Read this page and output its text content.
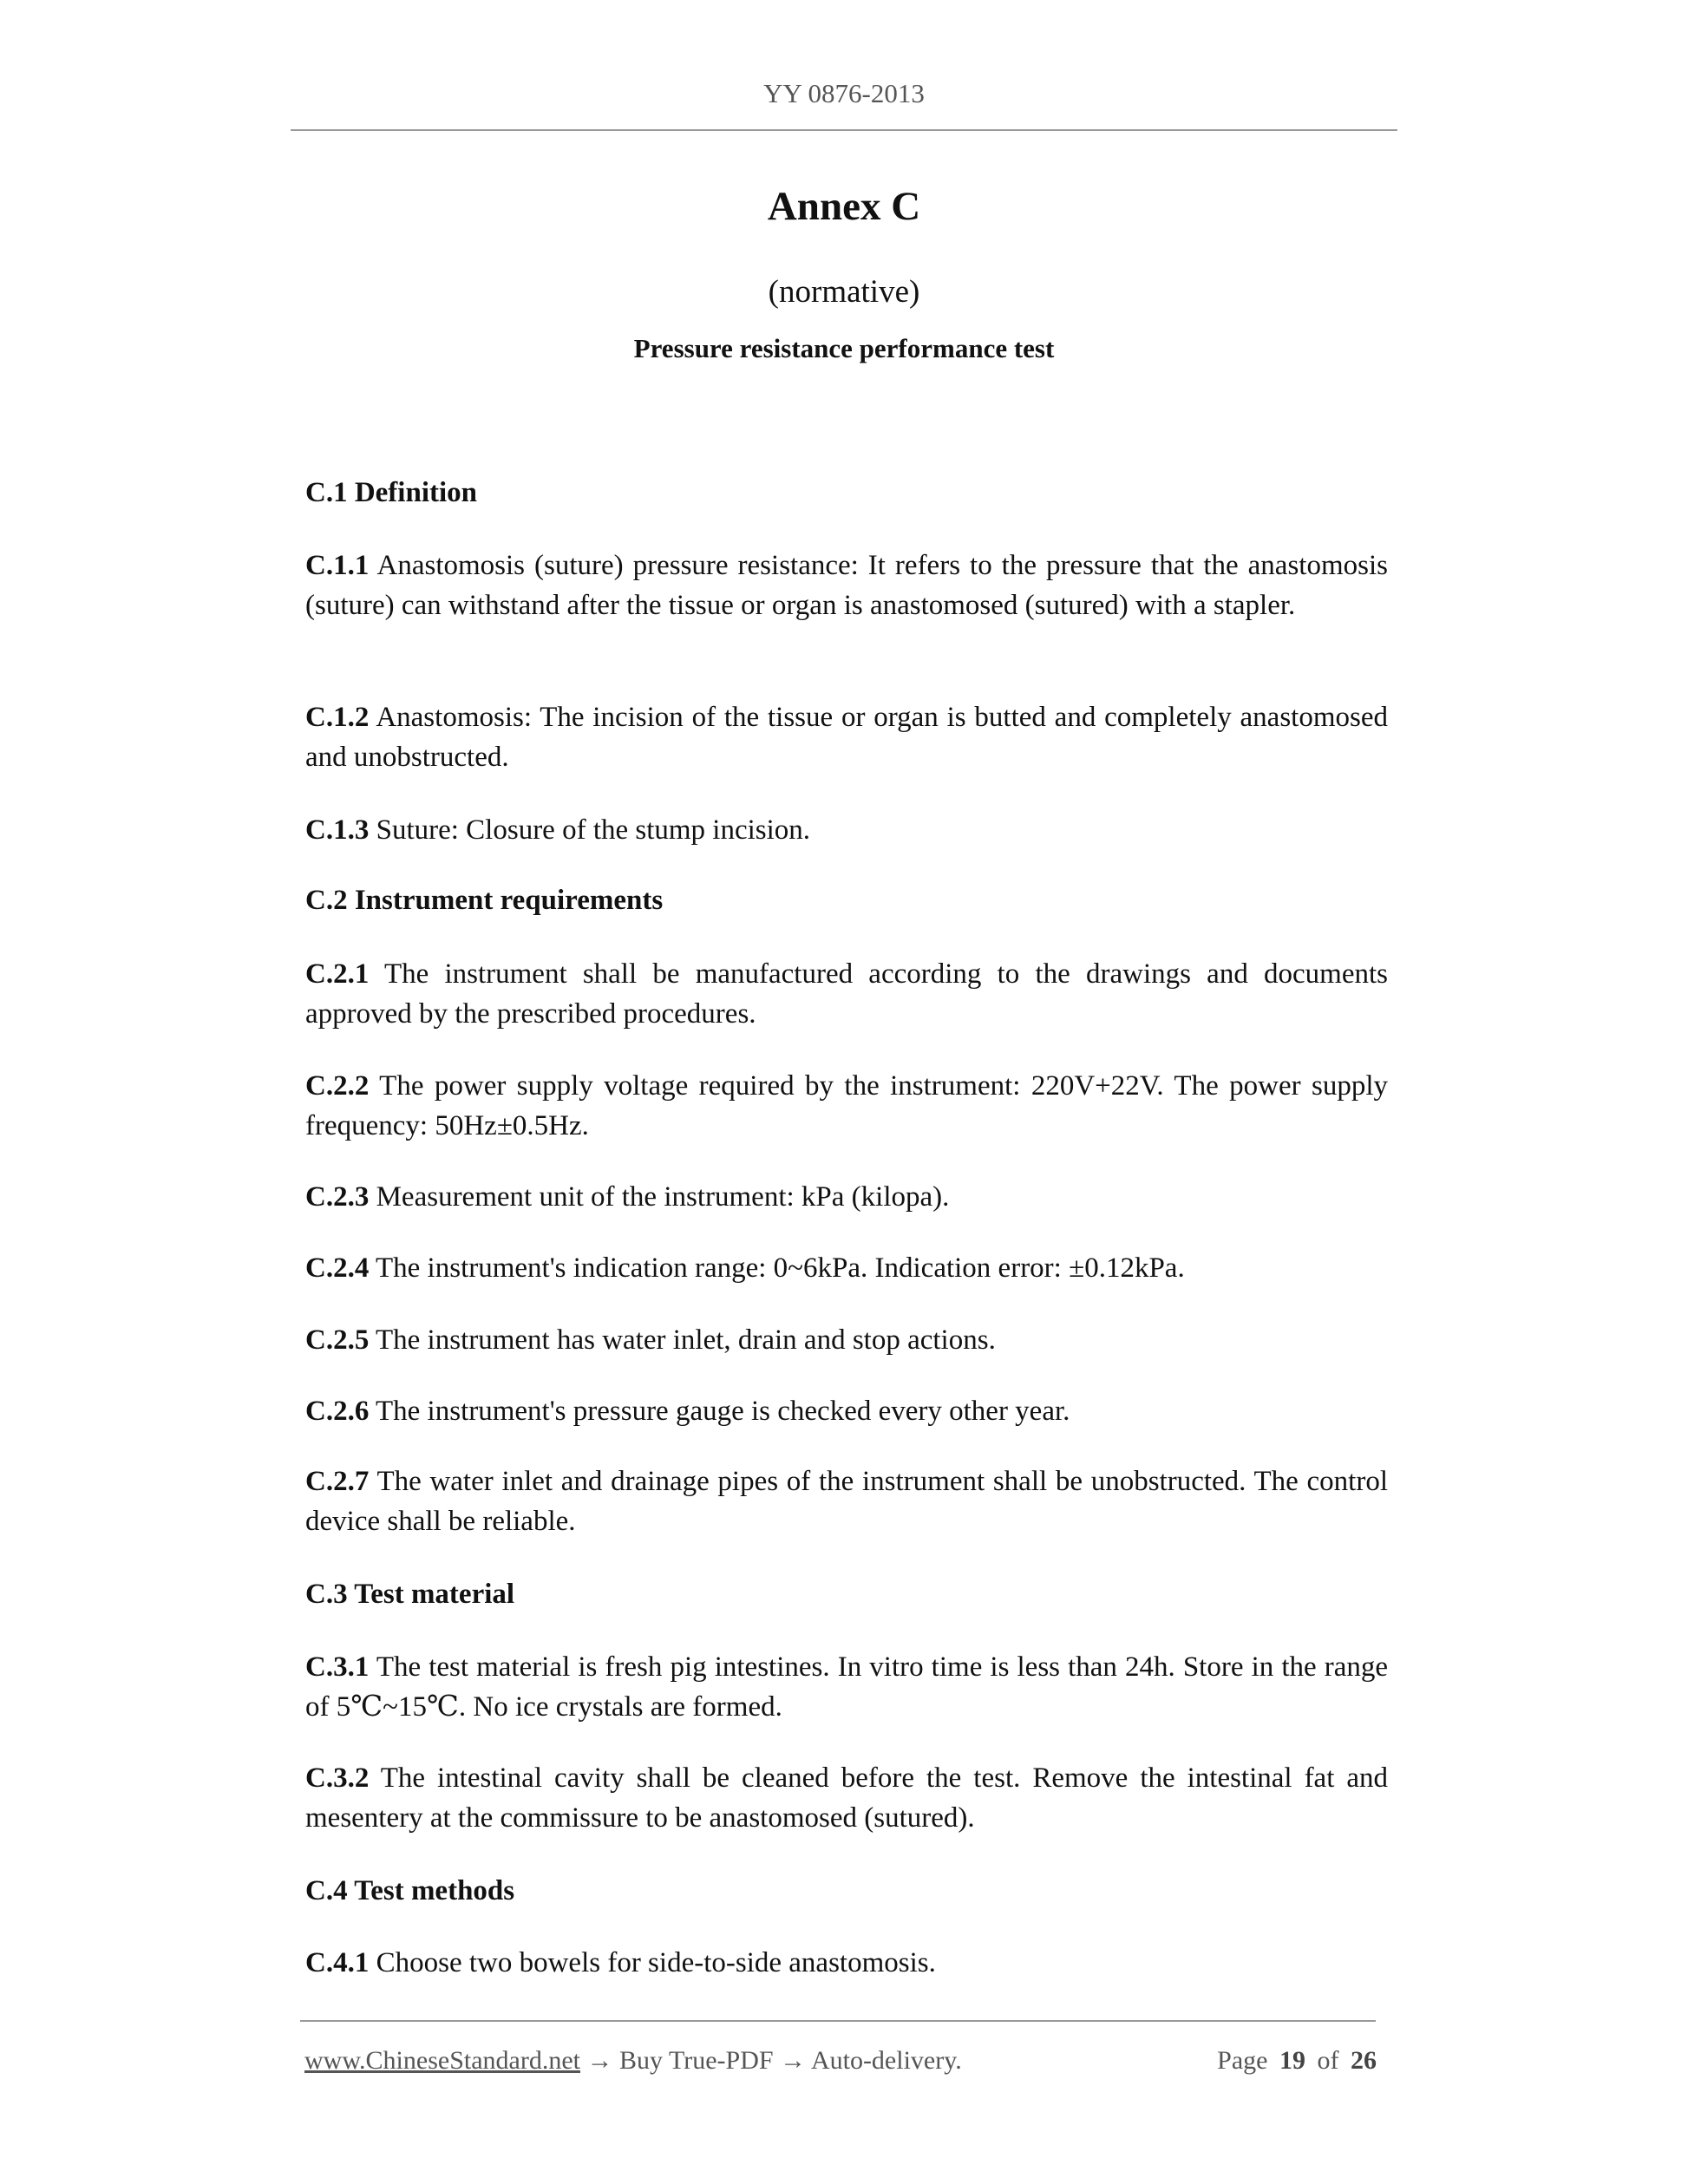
YY 0876-2013
Annex C
(normative)
Pressure resistance performance test
C.1 Definition
C.1.1 Anastomosis (suture) pressure resistance: It refers to the pressure that the anastomosis (suture) can withstand after the tissue or organ is anastomosed (sutured) with a stapler.
C.1.2 Anastomosis: The incision of the tissue or organ is butted and completely anastomosed and unobstructed.
C.1.3 Suture: Closure of the stump incision.
C.2 Instrument requirements
C.2.1 The instrument shall be manufactured according to the drawings and documents approved by the prescribed procedures.
C.2.2 The power supply voltage required by the instrument: 220V+22V. The power supply frequency: 50Hz±0.5Hz.
C.2.3 Measurement unit of the instrument: kPa (kilopa).
C.2.4 The instrument's indication range: 0~6kPa. Indication error: ±0.12kPa.
C.2.5 The instrument has water inlet, drain and stop actions.
C.2.6 The instrument's pressure gauge is checked every other year.
C.2.7 The water inlet and drainage pipes of the instrument shall be unobstructed. The control device shall be reliable.
C.3 Test material
C.3.1 The test material is fresh pig intestines. In vitro time is less than 24h. Store in the range of 5℃~15℃. No ice crystals are formed.
C.3.2 The intestinal cavity shall be cleaned before the test. Remove the intestinal fat and mesentery at the commissure to be anastomosed (sutured).
C.4 Test methods
C.4.1 Choose two bowels for side-to-side anastomosis.
www.ChineseStandard.net → Buy True-PDF → Auto-delivery.	Page 19 of 26
